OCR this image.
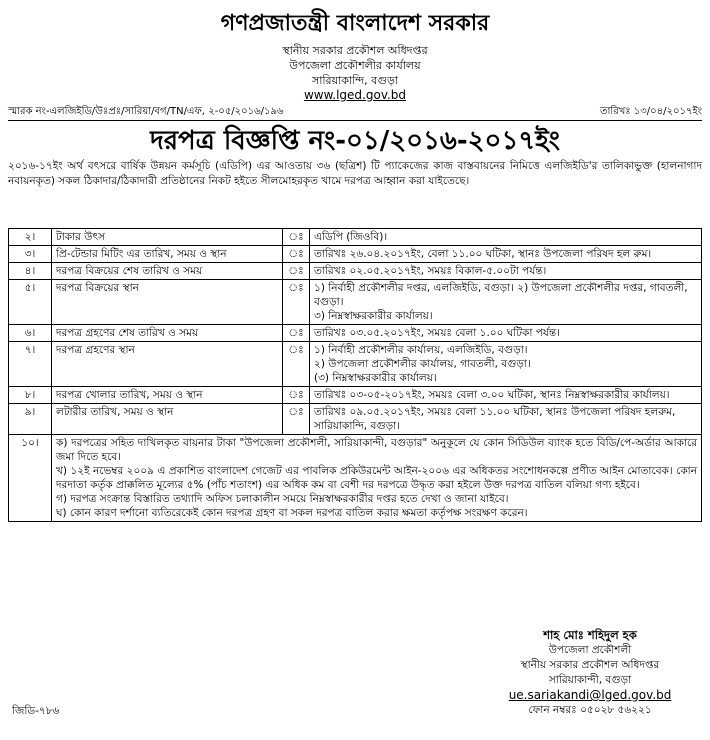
গণপ্রজাতন্ত্রী বাংলাদেশ সরকার
স্থানীয় সরকার প্রকৌশল অধিদপ্তর
উপজেলা প্রকৌশলীর কার্যালয়
সারিয়াকান্দি, বগুড়া
www.lged.gov.bd
স্মারক নং-এলজিইডি/উঃপ্রঃ/সারিয়া/বগ/TN/এফ, ২-০৫/২০১৬/১৯৬	তারিখঃ ১৩/০৪/২০১৭ইং
দরপত্র বিজ্ঞপ্তি নং-০১/২০১৬-২০১৭ইং
২০১৬-১৭ইং অর্থ বৎসরে বার্ষিক উন্নয়ন কর্মসূচি (এডিপি) এর আওতায় ৩৬ (ছত্রিশ) টি প্যাকেজের কাজ বাস্তবায়নের নিমিত্তে এলজিইডি'র তালিকাভুক্ত (হালনাগাদ নবায়নকৃত) সকল ঠিকাদার/ঠিকাদারী প্রতিষ্ঠানের নিকট হইতে সীলমোহরকৃত খামে দরপত্র আহ্বান করা যাইতেছে।
২।	টাকার উৎস	ঃ	এডিপি (জিওবি)।
৩।	প্রি-টেন্ডার মিটিং এর তারিখ, সময় ও স্থান	ঃ	তারিখঃ ২৬.০৪.২০১৭ইং, বেলা ১১.০০ ঘটিকা, স্থানঃ উপজেলা পরিষদ হল রুম।
৪।	দরপত্র বিক্রয়ের শেষ তারিখ ও সময়	ঃ	তারিখঃ ০২.০৫.২০১৭ইং, সময়ঃ বিকাল-৫.০০টা পর্যন্ত।
৫।	দরপত্র বিক্রয়ের স্থান	ঃ	১) নির্বাহী প্রকৌশলীর দপ্তর, এলজিইডি, বগুড়া। ২) উপজেলা প্রকৌশলীর দপ্তর, গাবতলী, বগুড়া।
৩) নিম্নস্বাক্ষরকারীর কার্যালয়।
৬।	দরপত্র গ্রহণের শেষ তারিখ ও সময়	ঃ	তারিখঃ ০৩.০৫.২০১৭ইং, সময়ঃ বেলা ১.০০ ঘটিকা পর্যন্ত।
৭।	দরপত্র গ্রহণের স্থান	ঃ	১) নির্বাহী প্রকৌশলীর কার্যালয়, এলজিইডি, বগুড়া।
২) উপজেলা প্রকৌশলীর কার্যালয়, গাবতলী, বগুড়া।
(৩) নিম্নস্বাক্ষরকারীর কার্যালয়।
৮।	দরপত্র খোলার তারিখ, সময় ও স্থান	ঃ	তারিখঃ ০৩-০৫-২০১৭ইং, সময়ঃ বেলা ৩.০০ ঘটিকা, স্থানঃ নিম্নস্বাক্ষরকারীর কার্যালয়।
৯।	লটারীর তারিখ, সময় ও স্থান	ঃ	তারিখঃ ০৯.০৫.২০১৭ইং, সময়ঃ বেলা ১১.০০ ঘটিকা, স্থানঃ উপজেলা পরিষদ হলরুম, সারিয়াকান্দি, বগুড়া।
১০।	ক) দরপত্রের সহিত দাখিলকৃত বায়নার টাকা "উপজেলা প্রকৌশলী, সারিয়াকান্দী, বগুড়ার" অনুকূলে যে কোন সিডিউল ব্যাংক হতে বিডি/পে-অর্ডার আকারে জমা দিতে হবে।
খ) ১২ই নভেম্বর ২০০৯ এ প্রকাশিত বাংলাদেশ গেজেট এর পাবলিক প্রকিউরমেন্ট আইন-২০০৬ এর অধিকতর সংশোধনকল্পে প্রণীত আইন মোতাবেক। কোন দরদাতা কর্তৃক প্রাক্কলিত মূল্যের ৫% (পাঁচ শতাংশ) এর অধিক কম বা বেশী দর দরপত্রে উদ্ধৃত করা হইলে উক্ত দরপত্র বাতিল বলিয়া গণ্য হইবে।
গ) দরপত্র সংক্রান্ত বিস্তারিত তথ্যাদি অফিস চলাকালীন সময়ে নিম্নস্বাক্ষরকারীর দপ্তর হতে দেখা ও জানা যাইবে।
ঘ) কোন কারণ দর্শানো ব্যতিরেকেই কোন দরপত্র গ্রহণ বা সকল দরপত্র বাতিল করার ক্ষমতা কর্তৃপক্ষ সংরক্ষণ করেন।		
শাহ মোঃ শহিদুল হক
উপজেলা প্রকৌশলী
স্থানীয় সরকার প্রকৌশল অধিদপ্তর
সারিয়াকান্দী, বগুড়া
ue.sariakandi@lged.gov.bd
ফোন নম্বরঃ ০৫০২৮ ৫৬২২১
জিডি-৭৮৬
